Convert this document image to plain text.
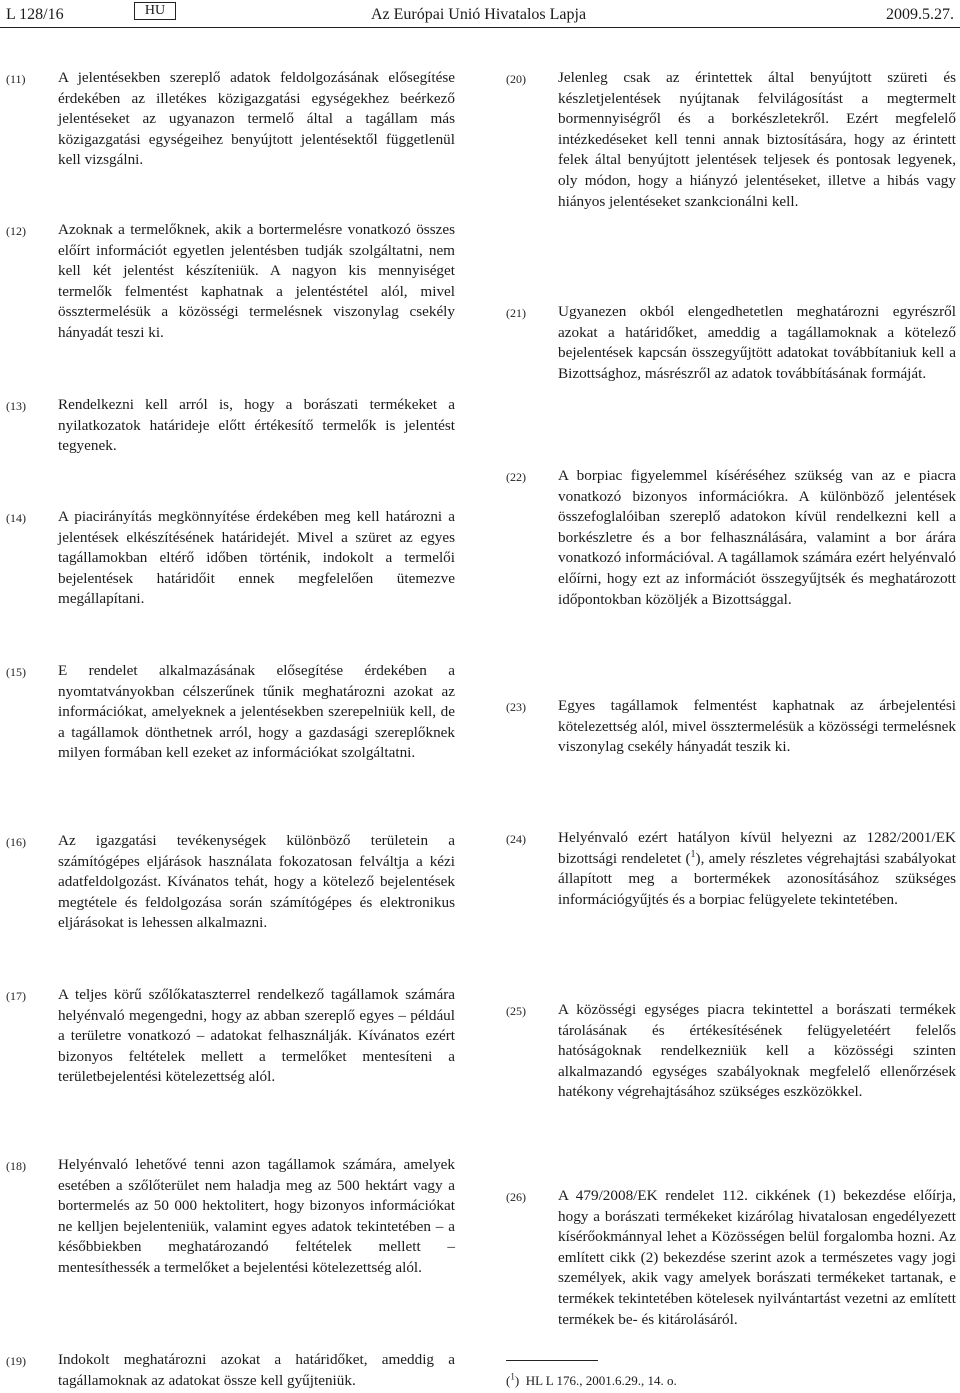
L 128/16	HU	Az Európai Unió Hivatalos Lapja	2009.5.27.
(11) A jelentésekben szereplő adatok feldolgozásának elősegítése érdekében az illetékes közigazgatási egységekhez beérkező jelentéseket az ugyanazon termelő által a tagállam más közigazgatási egységeihez benyújtott jelentésektől függetlenül kell vizsgálni.
(12) Azoknak a termelőknek, akik a bortermelésre vonatkozó összes előírt információt egyetlen jelentésben tudják szolgáltatni, nem kell két jelentést készíteniük. A nagyon kis mennyiséget termelők felmentést kaphatnak a jelentéstétel alól, mivel össztermelésük a közösségi termelésnek viszonylag csekély hányadát teszi ki.
(13) Rendelkezni kell arról is, hogy a borászati termékeket a nyilatkozatok határideje előtt értékesítő termelők is jelentést tegyenek.
(14) A piacirányítás megkönnyítése érdekében meg kell határozni a jelentések elkészítésének határidejét. Mivel a szüret az egyes tagállamokban eltérő időben történik, indokolt a termelői bejelentések határidőit ennek megfelelően ütemezve megállapítani.
(15) E rendelet alkalmazásának elősegítése érdekében a nyomtatványokban célszerűnek tűnik meghatározni azokat az információkat, amelyeknek a jelentésekben szerepelniük kell, de a tagállamok dönthetnek arról, hogy a gazdasági szereplőknek milyen formában kell ezeket az információkat szolgáltatni.
(16) Az igazgatási tevékenységek különböző területein a számítógépes eljárások használata fokozatosan felváltja a kézi adatfeldolgozást. Kívánatos tehát, hogy a kötelező bejelentések megtétele és feldolgozása során számítógépes és elektronikus eljárásokat is lehessen alkalmazni.
(17) A teljes körű szőlőkataszterrel rendelkező tagállamok számára helyénvaló megengedni, hogy az abban szereplő egyes – például a területre vonatkozó – adatokat felhasználják. Kívánatos ezért bizonyos feltételek mellett a termelőket mentesíteni a területbejelentési kötelezettség alól.
(18) Helyénvaló lehetővé tenni azon tagállamok számára, amelyek esetében a szőlőterület nem haladja meg az 500 hektárt vagy a bortermelés az 50 000 hektolitert, hogy bizonyos információkat ne kelljen bejelenteniük, valamint egyes adatok tekintetében – a későbbiekben meghatározandó feltételek mellett – mentesíthessék a termelőket a bejelentési kötelezettség alól.
(19) Indokolt meghatározni azokat a határidőket, ameddig a tagállamoknak az adatokat össze kell gyűjteniük.
(20) Jelenleg csak az érintettek által benyújtott szüreti és készletjelentések nyújtanak felvilágosítást a megtermelt bormennyiségről és a borkészletekről. Ezért megfelelő intézkedéseket kell tenni annak biztosítására, hogy az érintett felek által benyújtott jelentések teljesek és pontosak legyenek, oly módon, hogy a hiányzó jelentéseket, illetve a hibás vagy hiányos jelentéseket szankcionálni kell.
(21) Ugyanezen okból elengedhetetlen meghatározni egyrészről azokat a határidőket, ameddig a tagállamoknak a kötelező bejelentések kapcsán összegyűjtött adatokat továbbítaniuk kell a Bizottsághoz, másrészről az adatok továbbításának formáját.
(22) A borpiac figyelemmel kíséréséhez szükség van az e piacra vonatkozó bizonyos információkra. A különböző jelentések összefoglalóiban szereplő adatokon kívül rendelkezni kell a borkészletre és a bor felhasználására, valamint a bor árára vonatkozó információval. A tagállamok számára ezért helyénvaló előírni, hogy ezt az információt összegyűjtsék és meghatározott időpontokban közöljék a Bizottsággal.
(23) Egyes tagállamok felmentést kaphatnak az árbejelentési kötelezettség alól, mivel össztermelésük a közösségi termelésnek viszonylag csekély hányadát teszik ki.
(24) Helyénvaló ezért hatályon kívül helyezni az 1282/2001/EK bizottsági rendeletet ($^1$), amely részletes végrehajtási szabályokat állapított meg a bortermékek azonosításához szükséges információgyűjtés és a borpiac felügyelete tekintetében.
(25) A közösségi egységes piacra tekintettel a borászati termékek tárolásának és értékesítésének felügyeletéért felelős hatóságoknak rendelkezniük kell a közösségi szinten alkalmazandó egységes szabályoknak megfelelő ellenőrzések hatékony végrehajtásához szükséges eszközökkel.
(26) A 479/2008/EK rendelet 112. cikkének (1) bekezdése előírja, hogy a borászati termékeket kizárólag hivatalosan engedélyezett kísérőokmánnyal lehet a Közösségen belül forgalomba hozni. Az említett cikk (2) bekezdése szerint azok a természetes vagy jogi személyek, akik vagy amelyek borászati termékeket tartanak, e termékek tekintetében kötelesek nyilvántartást vezetni az említett termékek be- és kitárolásáról.
($^1$)  HL L 176., 2001.6.29., 14. o.
